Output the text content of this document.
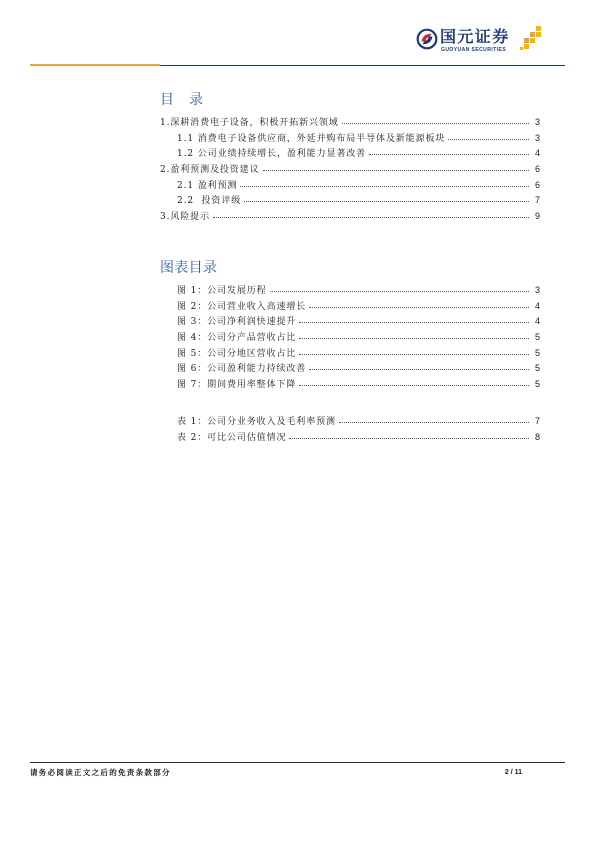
国元证券
GUOYUAN SECURITIES
目 录
1.深耕消费电子设备，积极开拓新兴领域	3
1.1 消费电子设备供应商，外延并购布局半导体及新能源板块	3
1.2 公司业绩持续增长，盈利能力显著改善	4
2.盈利预测及投资建议	6
2.1 盈利预测	6
2.2  投资评级	7
3.风险提示	9
图表目录
图 1：公司发展历程	3
图 2：公司营业收入高速增长	4
图 3：公司净利润快速提升	4
图 4：公司分产品营收占比	5
图 5：公司分地区营收占比	5
图 6：公司盈利能力持续改善	5
图 7：期间费用率整体下降	5
表 1：公司分业务收入及毛利率预测	7
表 2：可比公司估值情况	8
请务必阅读正文之后的免责条款部分	2 / 11
